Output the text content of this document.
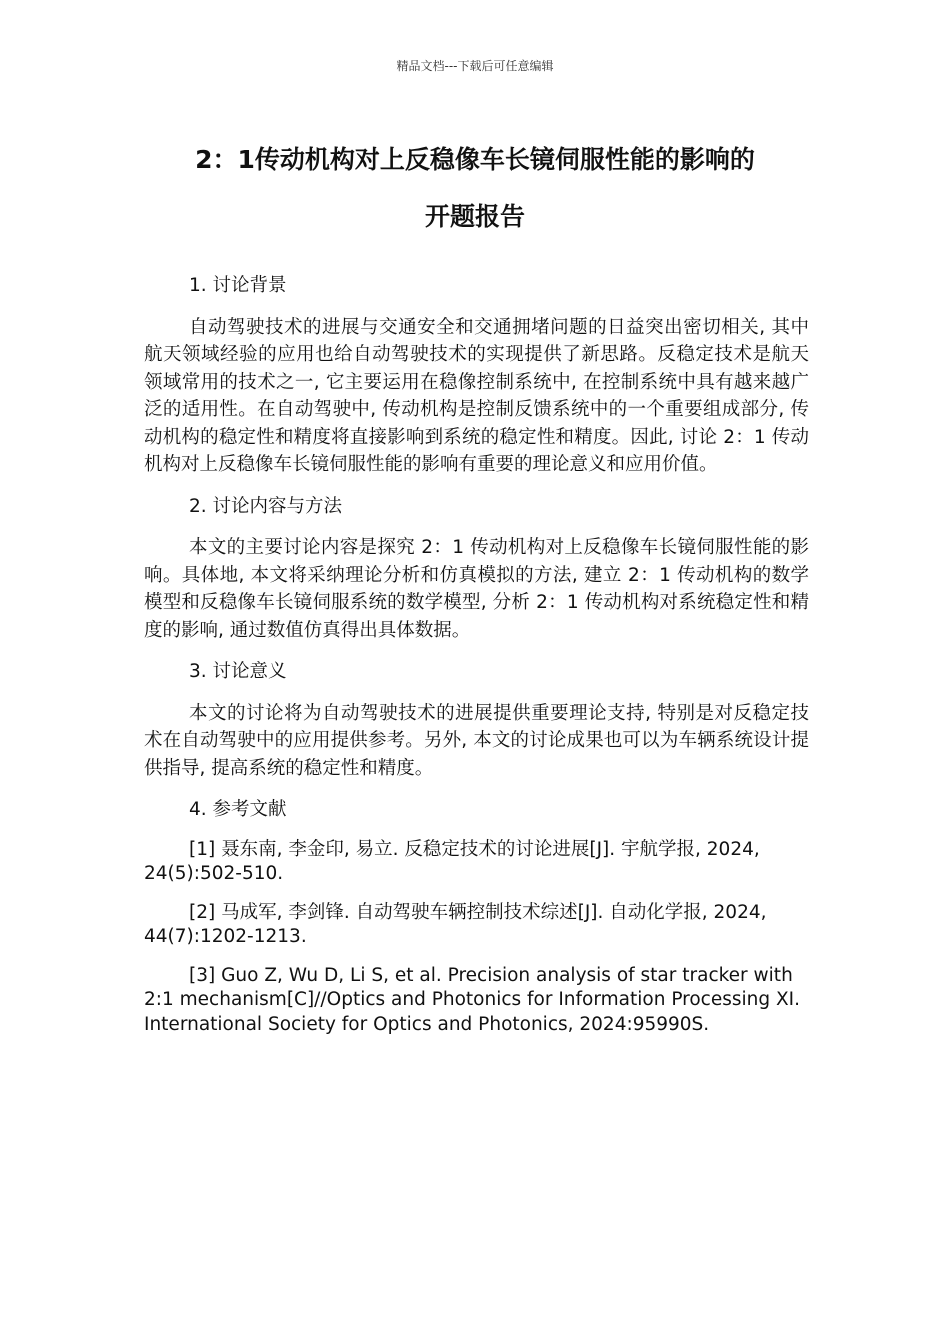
精品文档---下载后可任意编辑
2：1传动机构对上反稳像车长镜伺服性能的影响的
开题报告

1. 讨论背景

自动驾驶技术的进展与交通安全和交通拥堵问题的日益突出密切相关, 其中航天领域经验的应用也给自动驾驶技术的实现提供了新思路。反稳定技术是航天领域常用的技术之一, 它主要运用在稳像控制系统中, 在控制系统中具有越来越广泛的适用性。在自动驾驶中, 传动机构是控制反馈系统中的一个重要组成部分, 传动机构的稳定性和精度将直接影响到系统的稳定性和精度。因此, 讨论 2：1 传动机构对上反稳像车长镜伺服性能的影响有重要的理论意义和应用价值。

2. 讨论内容与方法

本文的主要讨论内容是探究 2：1 传动机构对上反稳像车长镜伺服性能的影响。具体地, 本文将采纳理论分析和仿真模拟的方法, 建立 2：1 传动机构的数学模型和反稳像车长镜伺服系统的数学模型, 分析 2：1 传动机构对系统稳定性和精度的影响, 通过数值仿真得出具体数据。

3. 讨论意义

本文的讨论将为自动驾驶技术的进展提供重要理论支持, 特别是对反稳定技术在自动驾驶中的应用提供参考。另外, 本文的讨论成果也可以为车辆系统设计提供指导, 提高系统的稳定性和精度。

4. 参考文献

[1] 聂东南, 李金印, 易立. 反稳定技术的讨论进展[J]. 宇航学报, 2024, 24(5):502-510.

[2] 马成军, 李剑锋. 自动驾驶车辆控制技术综述[J]. 自动化学报, 2024, 44(7):1202-1213.

[3] Guo Z, Wu D, Li S, et al. Precision analysis of star tracker with 2:1 mechanism[C]//Optics and Photonics for Information Processing XI. International Society for Optics and Photonics, 2024:95990S.
